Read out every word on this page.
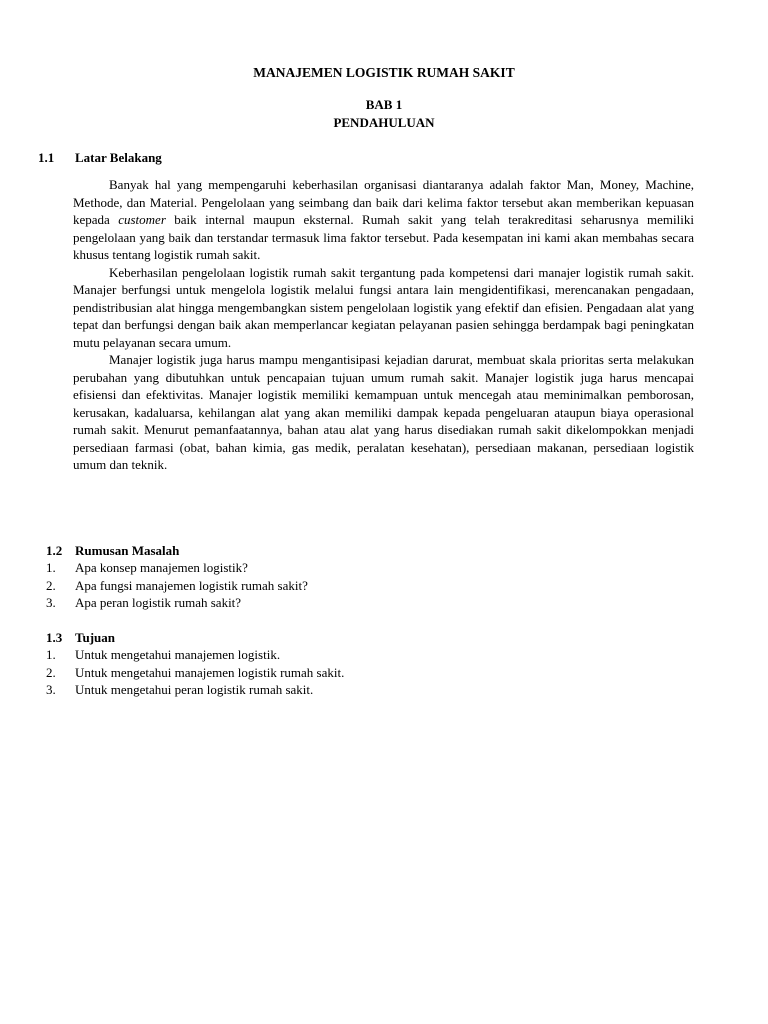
MANAJEMEN LOGISTIK RUMAH SAKIT
BAB 1
PENDAHULUAN
1.1 Latar Belakang

Banyak hal yang mempengaruhi keberhasilan organisasi diantaranya adalah faktor Man, Money, Machine, Methode, dan Material. Pengelolaan yang seimbang dan baik dari kelima faktor tersebut akan memberikan kepuasan kepada customer baik internal maupun eksternal. Rumah sakit yang telah terakreditasi seharusnya memiliki pengelolaan yang baik dan terstandar termasuk lima faktor tersebut. Pada kesempatan ini kami akan membahas secara khusus tentang logistik rumah sakit.

Keberhasilan pengelolaan logistik rumah sakit tergantung pada kompetensi dari manajer logistik rumah sakit. Manajer berfungsi untuk mengelola logistik melalui fungsi antara lain mengidentifikasi, merencanakan pengadaan, pendistribusian alat hingga mengembangkan sistem pengelolaan logistik yang efektif dan efisien. Pengadaan alat yang tepat dan berfungsi dengan baik akan memperlancar kegiatan pelayanan pasien sehingga berdampak bagi peningkatan mutu pelayanan secara umum.

Manajer logistik juga harus mampu mengantisipasi kejadian darurat, membuat skala prioritas serta melakukan perubahan yang dibutuhkan untuk pencapaian tujuan umum rumah sakit. Manajer logistik juga harus mencapai efisiensi dan efektivitas. Manajer logistik memiliki kemampuan untuk mencegah atau meminimalkan pemborosan, kerusakan, kadaluarsa, kehilangan alat yang akan memiliki dampak kepada pengeluaran ataupun biaya operasional rumah sakit. Menurut pemanfaatannya, bahan atau alat yang harus disediakan rumah sakit dikelompokkan menjadi persediaan farmasi (obat, bahan kimia, gas medik, peralatan kesehatan), persediaan makanan, persediaan logistik umum dan teknik.

1.2 Rumusan Masalah
1.	Apa konsep manajemen logistik?
2.	Apa fungsi manajemen logistik rumah sakit?
3.	Apa peran logistik rumah sakit?
1.3 Tujuan
1.	Untuk mengetahui manajemen logistik.
2.	Untuk mengetahui manajemen logistik rumah sakit.
3.	Untuk mengetahui peran logistik rumah sakit.
